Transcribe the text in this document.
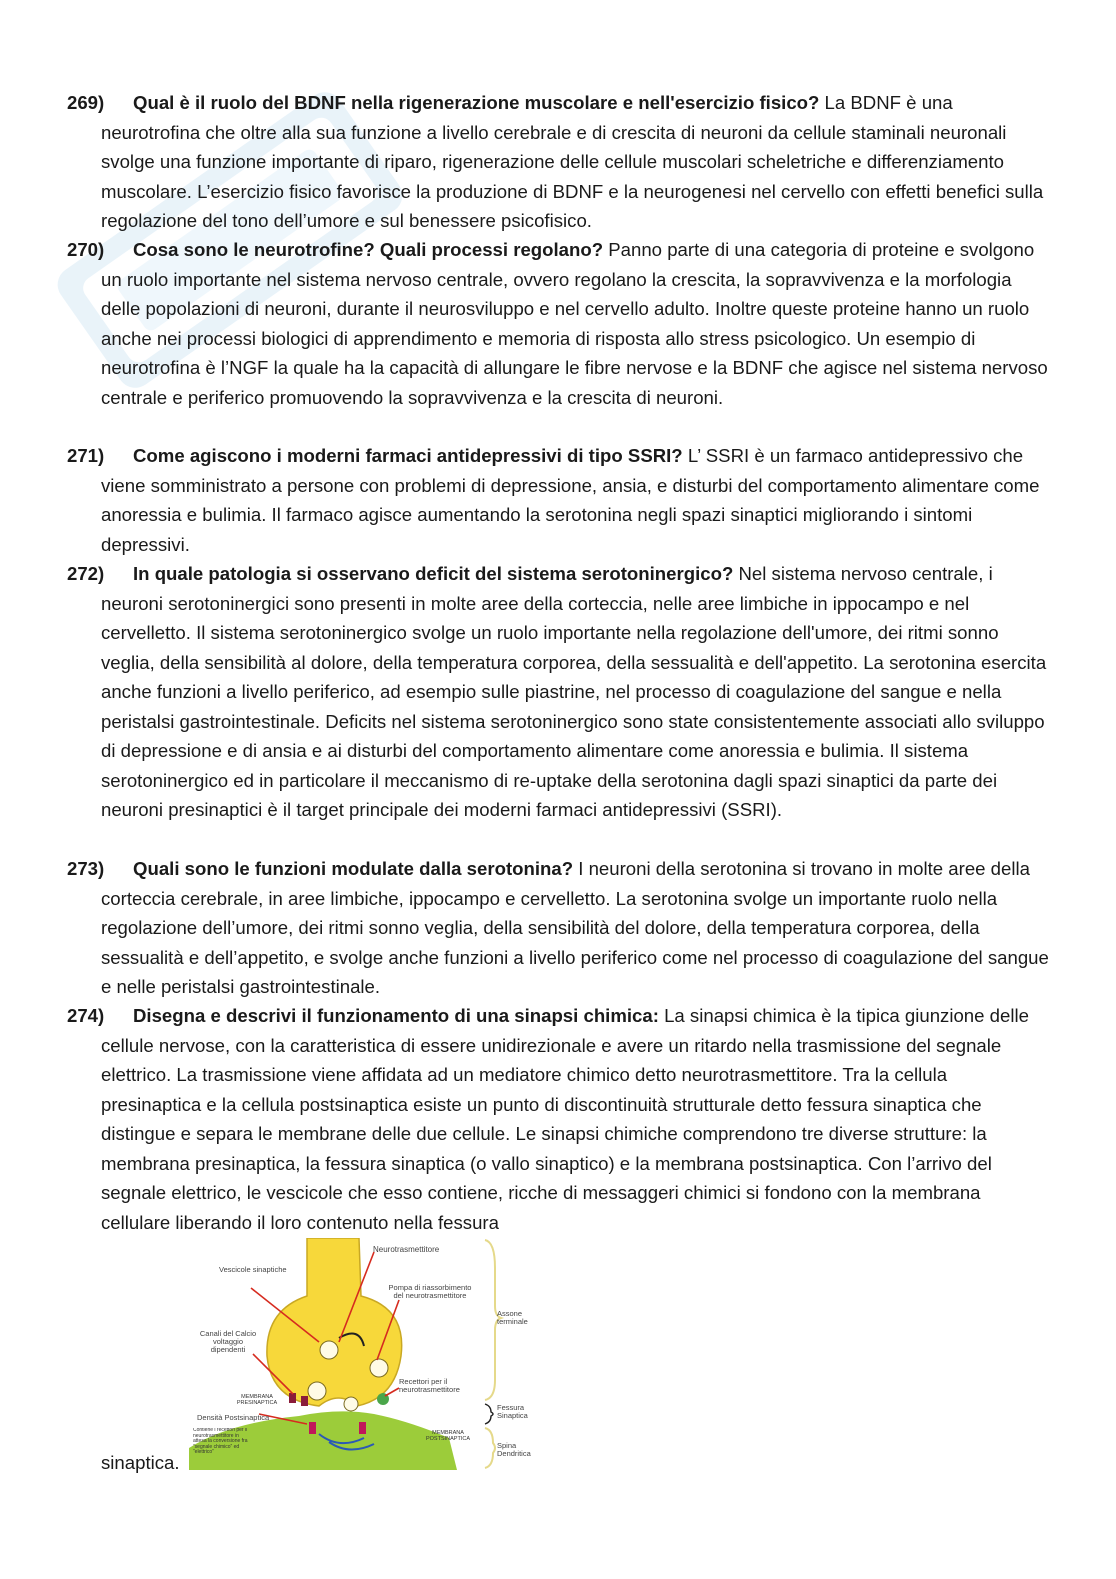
269) Qual è il ruolo del BDNF nella rigenerazione muscolare e nell'esercizio fisico? La BDNF è una neurotrofina che oltre alla sua funzione a livello cerebrale e di crescita di neuroni da cellule staminali neuronali svolge una funzione importante di riparo, rigenerazione delle cellule muscolari scheletriche e differenziamento muscolare. L’esercizio fisico favorisce la produzione di BDNF e la neurogenesi nel cervello con effetti benefici sulla regolazione del tono dell’umore e sul benessere psicofisico.
270) Cosa sono le neurotrofine? Quali processi regolano? Panno parte di una categoria di proteine e svolgono un ruolo importante nel sistema nervoso centrale, ovvero regolano la crescita, la sopravvivenza e la morfologia delle popolazioni di neuroni, durante il neurosviluppo e nel cervello adulto. Inoltre queste proteine hanno un ruolo anche nei processi biologici di apprendimento e memoria di risposta allo stress psicologico. Un esempio di neurotrofina è l’NGF la quale ha la capacità di allungare le fibre nervose e la BDNF che agisce nel sistema nervoso centrale e periferico promuovendo la sopravvivenza e la crescita di neuroni.
271) Come agiscono i moderni farmaci antidepressivi di tipo SSRI? L’ SSRI è un farmaco antidepressivo che viene somministrato a persone con problemi di depressione, ansia, e disturbi del comportamento alimentare come anoressia e bulimia. Il farmaco agisce aumentando la serotonina negli spazi sinaptici migliorando i sintomi depressivi.
272) In quale patologia si osservano deficit del sistema serotoninergico? Nel sistema nervoso centrale, i neuroni serotoninergici sono presenti in molte aree della corteccia, nelle aree limbiche in ippocampo e nel cervelletto. Il sistema serotoninergico svolge un ruolo importante nella regolazione dell'umore, dei ritmi sonno veglia, della sensibilità al dolore, della temperatura corporea, della sessualità e dell'appetito. La serotonina esercita anche funzioni a livello periferico, ad esempio sulle piastrine, nel processo di coagulazione del sangue e nella peristalsi gastrointestinale. Deficits nel sistema serotoninergico sono state consistentemente associati allo sviluppo di depressione e di ansia e ai disturbi del comportamento alimentare come anoressia e bulimia. Il sistema serotoninergico ed in particolare il meccanismo di re-uptake della serotonina dagli spazi sinaptici da parte dei neuroni presinaptici è il target principale dei moderni farmaci antidepressivi (SSRI).
273) Quali sono le funzioni modulate dalla serotonina? I neuroni della serotonina si trovano in molte aree della corteccia cerebrale, in aree limbiche, ippocampo e cervelletto. La serotonina svolge un importante ruolo nella regolazione dell’umore, dei ritmi sonno veglia, della sensibilità del dolore, della temperatura corporea, della sessualità e dell’appetito, e svolge anche funzioni a livello periferico come nel processo di coagulazione del sangue e nelle peristalsi gastrointestinale.
274) Disegna e descrivi il funzionamento di una sinapsi chimica: La sinapsi chimica è la tipica giunzione delle cellule nervose, con la caratteristica di essere unidirezionale e avere un ritardo nella trasmissione del segnale elettrico. La trasmissione viene affidata ad un mediatore chimico detto neurotrasmettitore. Tra la cellula presinaptica e la cellula postsinaptica esiste un punto di discontinuità strutturale detto fessura sinaptica che distingue e separa le membrane delle due cellule. Le sinapsi chimiche comprendono tre diverse strutture: la membrana presinaptica, la fessura sinaptica (o vallo sinaptico) e la membrana postsinaptica. Con l’arrivo del segnale elettrico, le vescicole che esso contiene, ricche di messaggeri chimici si fondono con la membrana cellulare liberando il loro contenuto nella fessura
Neurotrasmettitore
Vescicole sinaptiche
Pompa di riassorbimento del neurotrasmettitore
Assone terminale
Canali del Calcio voltaggio dipendenti
Recettori per il neurotrasmettitore
MEMBRANA PRESINAPTICA	Fessura Sinaptica
Densità Postsinaptica
MEMBRANA POSTSINAPTICA
Spina Dendritica
Contiene i recettori per il neurotrasmettitore in attesa la conversione fra “segnale chimico” ed “elettrico”
sinaptica.
